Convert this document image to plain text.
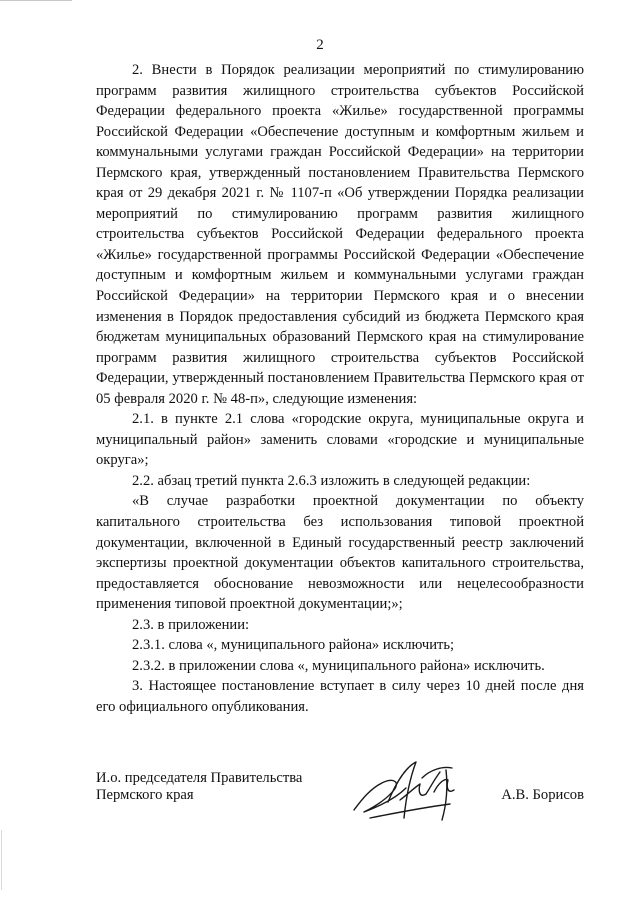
2

2. Внести в Порядок реализации мероприятий по стимулированию программ развития жилищного строительства субъектов Российской Федерации федерального проекта «Жилье» государственной программы Российской Федерации «Обеспечение доступным и комфортным жильем и коммунальными услугами граждан Российской Федерации» на территории Пермского края, утвержденный постановлением Правительства Пермского края от 29 декабря 2021 г. № 1107-п «Об утверждении Порядка реализации мероприятий по стимулированию программ развития жилищного строительства субъектов Российской Федерации федерального проекта «Жилье» государственной программы Российской Федерации «Обеспечение доступным и комфортным жильем и коммунальными услугами граждан Российской Федерации» на территории Пермского края и о внесении изменения в Порядок предоставления субсидий из бюджета Пермского края бюджетам муниципальных образований Пермского края на стимулирование программ развития жилищного строительства субъектов Российской Федерации, утвержденный постановлением Правительства Пермского края от 05 февраля 2020 г. № 48-п», следующие изменения:

2.1. в пункте 2.1 слова «городские округа, муниципальные округа и муниципальный район» заменить словами «городские и муниципальные округа»;

2.2. абзац третий пункта 2.6.3 изложить в следующей редакции:

«В случае разработки проектной документации по объекту капитального строительства без использования типовой проектной документации, включенной в Единый государственный реестр заключений экспертизы проектной документации объектов капитального строительства, предоставляется обоснование невозможности или нецелесообразности применения типовой проектной документации;»;

2.3. в приложении:

2.3.1. слова «, муниципального района» исключить;

2.3.2. в приложении слова «, муниципального района» исключить.

3. Настоящее постановление вступает в силу через 10 дней после дня его официального опубликования.

И.о. председателя Правительства
Пермского края	А.В. Борисов
